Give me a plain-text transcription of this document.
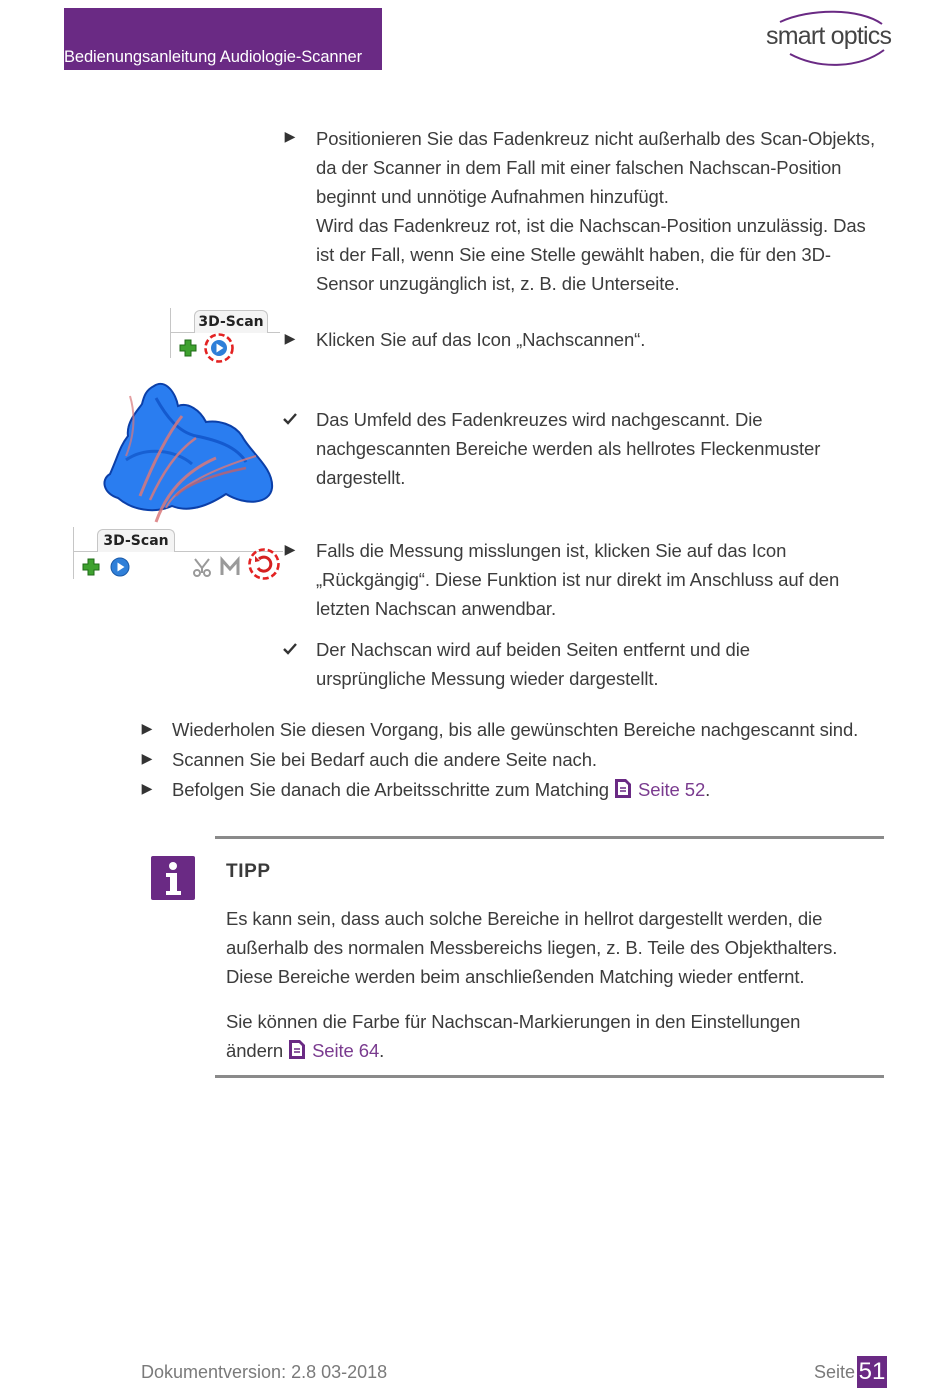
Bedienungsanleitung Audiologie-Scanner
smart optics
▶ Positionieren Sie das Fadenkreuz nicht außerhalb des Scan-Objekts,
da der Scanner in dem Fall mit einer falschen Nachscan-Position
beginnt und unnötige Aufnahmen hinzufügt.
Wird das Fadenkreuz rot, ist die Nachscan-Position unzulässig. Das
ist der Fall, wenn Sie eine Stelle gewählt haben, die für den 3D-
Sensor unzugänglich ist, z. B. die Unterseite.
3D-Scan
▶ Klicken Sie auf das Icon „Nachscannen“.
Das Umfeld des Fadenkreuzes wird nachgescannt. Die
nachgescannten Bereiche werden als hellrotes Fleckenmuster
dargestellt.
3D-Scan	▶ Falls die Messung misslungen ist, klicken Sie auf das Icon
„Rückgängig“. Diese Funktion ist nur direkt im Anschluss auf den
letzten Nachscan anwendbar.
Der Nachscan wird auf beiden Seiten entfernt und die
ursprüngliche Messung wieder dargestellt.
▶ Wiederholen Sie diesen Vorgang, bis alle gewünschten Bereiche nachgescannt sind.
▶ Scannen Sie bei Bedarf auch die andere Seite nach.
▶ Befolgen Sie danach die Arbeitsschritte zum Matching Seite 52.
TIPP
Es kann sein, dass auch solche Bereiche in hellrot dargestellt werden, die
außerhalb des normalen Messbereichs liegen, z. B. Teile des Objekthalters.
Diese Bereiche werden beim anschließenden Matching wieder entfernt.
Sie können die Farbe für Nachscan-Markierungen in den Einstellungen
ändern Seite 64.
Dokumentversion: 2.8 03-2018	Seite 51
